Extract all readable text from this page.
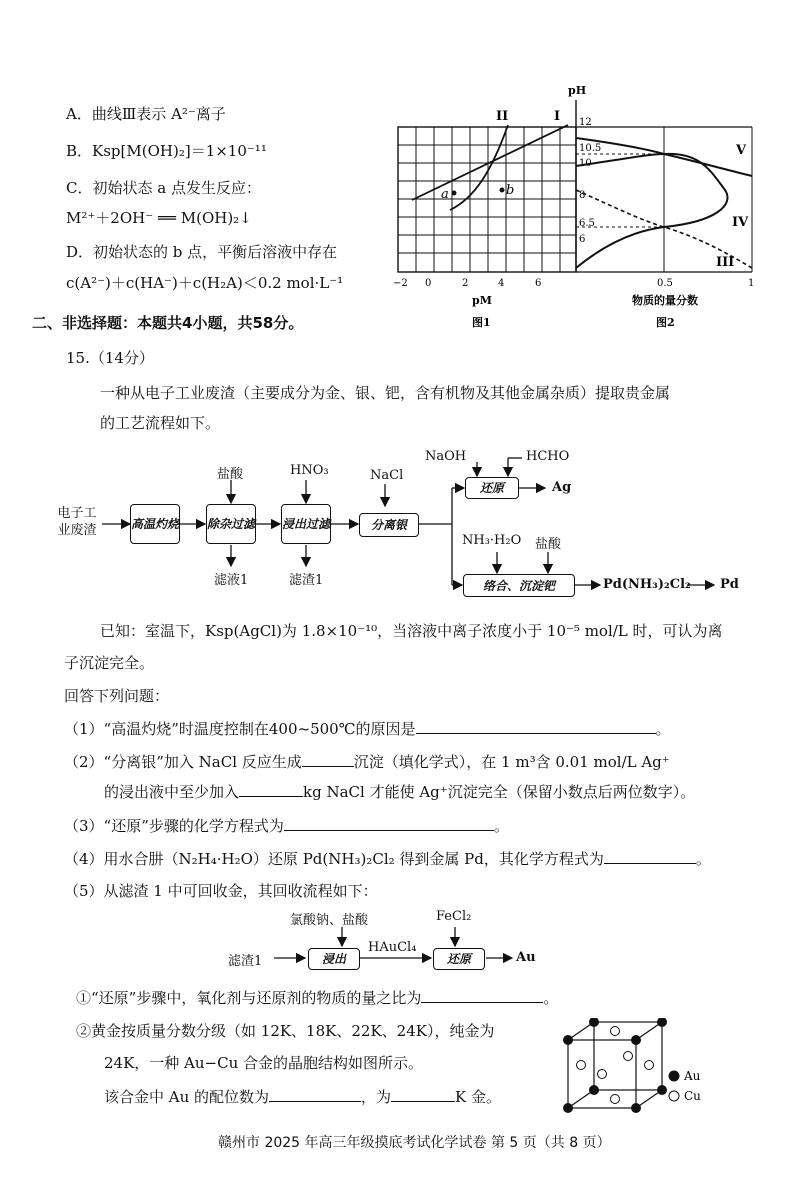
A．曲线Ⅲ表示 A²⁻离子
B．Ksp[M(OH)₂]＝1×10⁻¹¹
C．初始状态 a 点发生反应：
M²⁺＋2OH⁻ ══ M(OH)₂↓
D．初始状态的 b 点，平衡后溶液中存在
c(A²⁻)＋c(HA⁻)＋c(H₂A)＜0.2 mol·L⁻¹
pH
I
II
a	b
−2 0	2	4	6
pM
图1
12
10.5
10
8
6.5
6
V
IV
III
0.5	1
物质的量分数
图2
二、非选择题：本题共4小题，共58分。
15.（14分）
一种从电子工业废渣（主要成分为金、银、钯，含有机物及其他金属杂质）提取贵金属
的工艺流程如下。
电子工业废渣	高温灼烧 除杂过滤 浸出过滤	分离银
还原
络合、沉淀钯
盐酸	HNO₃	NaCl
NaOH	HCHO
NH₃·H₂O 盐酸
滤液1	滤渣1
Ag
Pd(NH₃)₂Cl₂ Pd
已知：室温下，Ksp(AgCl)为 1.8×10⁻¹⁰，当溶液中离子浓度小于 10⁻⁵ mol/L 时，可认为离
子沉淀完全。
回答下列问题：
（1）“高温灼烧”时温度控制在400~500℃的原因是	。
（2）“分离银”加入 NaCl 反应生成	沉淀（填化学式），在 1 m³含 0.01 mol/L Ag⁺
的浸出液中至少加入	kg NaCl 才能使 Ag⁺沉淀完全（保留小数点后两位数字）。
（3）“还原”步骤的化学方程式为	。
（4）用水合肼（N₂H₄·H₂O）还原 Pd(NH₃)₂Cl₂ 得到金属 Pd，其化学方程式为	。
（5）从滤渣 1 中可回收金，其回收流程如下：
滤渣1	浸出	还原
氯酸钠、盐酸	FeCl₂
HAuCl₄
Au
①“还原”步骤中，氧化剂与还原剂的物质的量之比为	。
②黄金按质量分数分级（如 12K、18K、22K、24K），纯金为
24K，一种 Au−Cu 合金的晶胞结构如图所示。
该合金中 Au 的配位数为	，为	K 金。
Au
Cu
赣州市 2025 年高三年级摸底考试化学试卷 第 5 页（共 8 页）
